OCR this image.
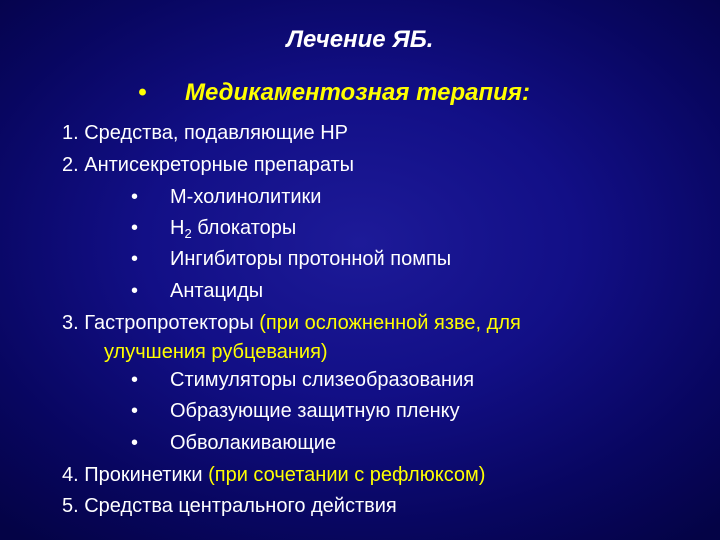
Лечение ЯБ.
• Медикаментозная терапия:
1. Средства, подавляющие HP
2. Антисекреторные препараты
• М-холинолитики
• $H_2$ блокаторы
• Ингибиторы протонной помпы
• Антациды
3. Гастропротекторы (при осложненной язве, для
улучшения рубцевания)
• Стимуляторы слизеобразования
• Образующие защитную пленку
• Обволакивающие
4. Прокинетики (при сочетании с рефлюксом)
5. Средства центрального действия
